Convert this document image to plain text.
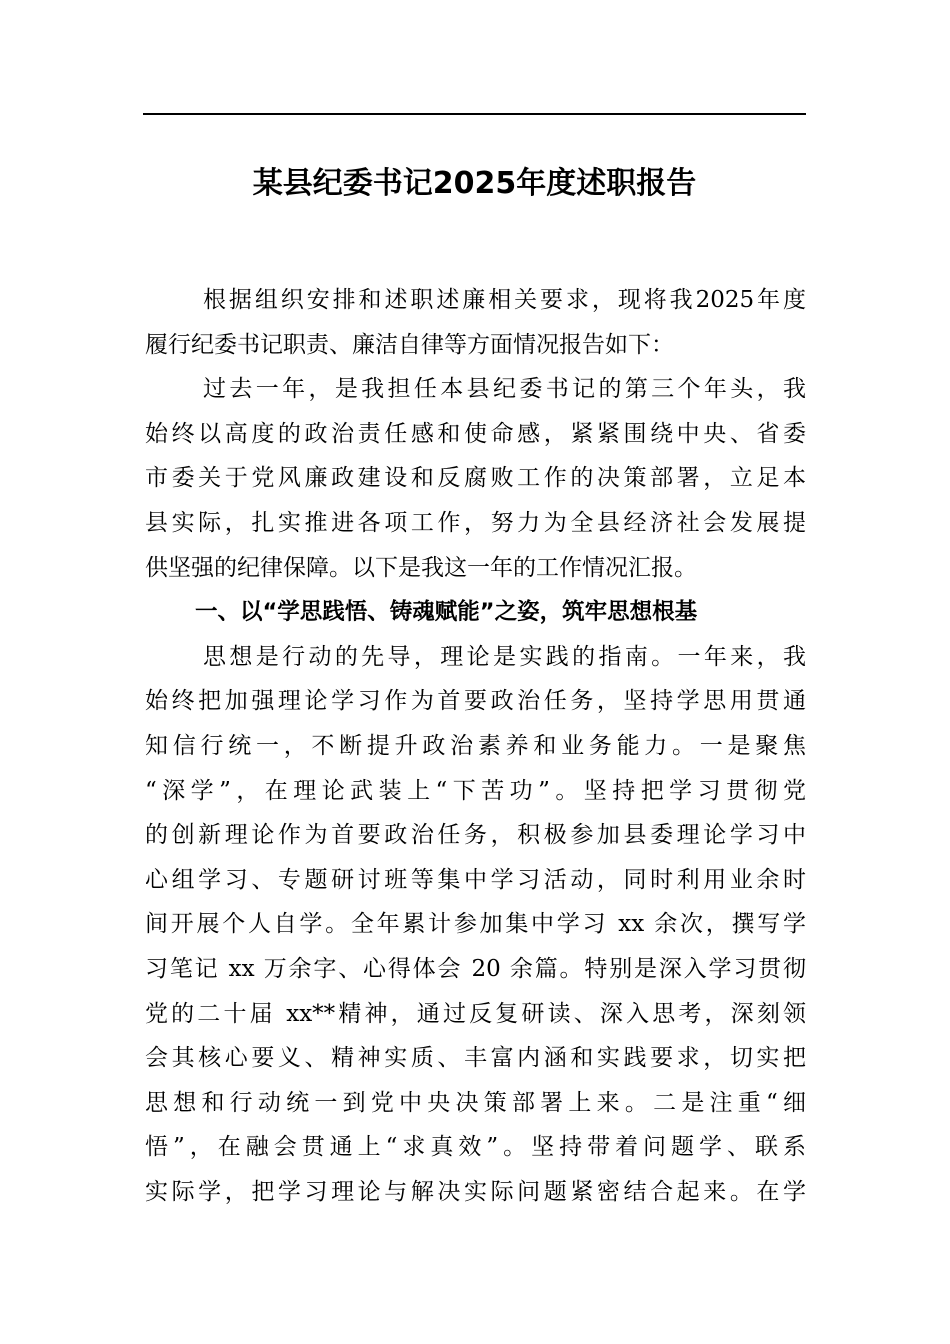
某县纪委书记2025年度述职报告
根据组织安排和述职述廉相关要求，现将我2025年度
履行纪委书记职责、廉洁自律等方面情况报告如下：
过去一年，是我担任本县纪委书记的第三个年头，我
始终以高度的政治责任感和使命感，紧紧围绕中央、省委
市委关于党风廉政建设和反腐败工作的决策部署，立足本
县实际，扎实推进各项工作，努力为全县经济社会发展提
供坚强的纪律保障。以下是我这一年的工作情况汇报。
一、以“学思践悟、铸魂赋能”之姿，筑牢思想根基
思想是行动的先导，理论是实践的指南。一年来，我
始终把加强理论学习作为首要政治任务，坚持学思用贯通
知信行统一，不断提升政治素养和业务能力。一是聚焦
“深学”，在理论武装上“下苦功”。坚持把学习贯彻党
的创新理论作为首要政治任务，积极参加县委理论学习中
心组学习、专题研讨班等集中学习活动，同时利用业余时
间开展个人自学。全年累计参加集中学习 xx 余次，撰写学
习笔记 xx 万余字、心得体会 20 余篇。特别是深入学习贯彻
党的二十届 xx**精神，通过反复研读、深入思考，深刻领
会其核心要义、精神实质、丰富内涵和实践要求，切实把
思想和行动统一到党中央决策部署上来。二是注重“细
悟”，在融会贯通上“求真效”。坚持带着问题学、联系
实际学，把学习理论与解决实际问题紧密结合起来。在学
